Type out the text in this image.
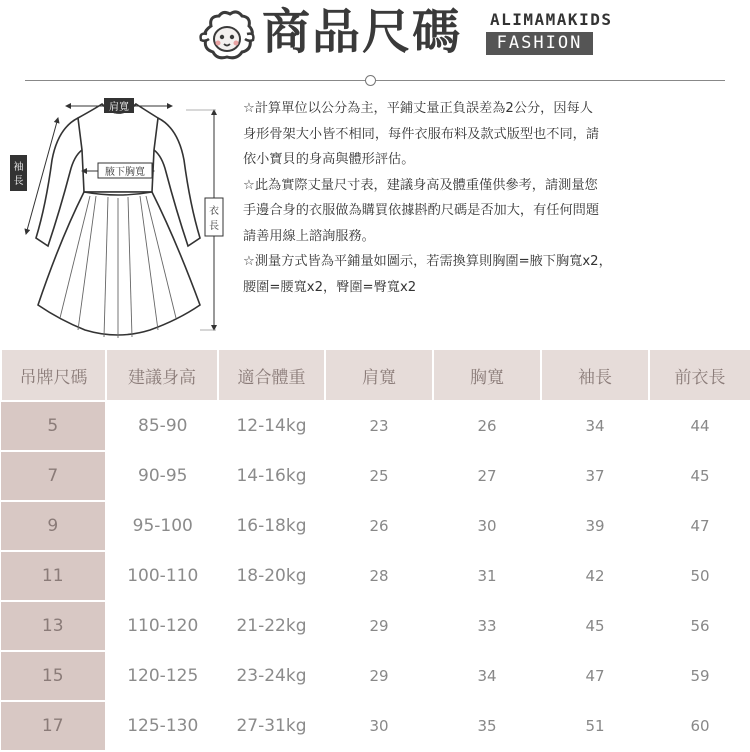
商品尺碼 ALIMAMAKIDS
FASHION
肩寬
腋下胸寬
袖
長
衣
長

☆計算單位以公分為主，平鋪丈量正負誤差為2公分，因每人

身形骨架大小皆不相同，每件衣服布料及款式版型也不同，請

依小寶貝的身高與體形評估。

☆此為實際丈量尺寸表，建議身高及體重僅供參考，請測量您

手邊合身的衣服做為購買依據斟酌尺碼是否加大，有任何問題

請善用線上諮詢服務。

☆測量方式皆為平鋪量如圖示，若需換算則胸圍=腋下胸寬x2，

腰圍=腰寬x2，臀圍=臀寬x2

吊牌尺碼	建議身高	適合體重	肩寬	胸寬	袖長	前衣長
5	85-90	12-14kg	23	26	34	44
7	90-95	14-16kg	25	27	37	45
9	95-100	16-18kg	26	30	39	47
11	100-110	18-20kg	28	31	42	50
13	110-120	21-22kg	29	33	45	56
15	120-125	23-24kg	29	34	47	59
17	125-130	27-31kg	30	35	51	60
